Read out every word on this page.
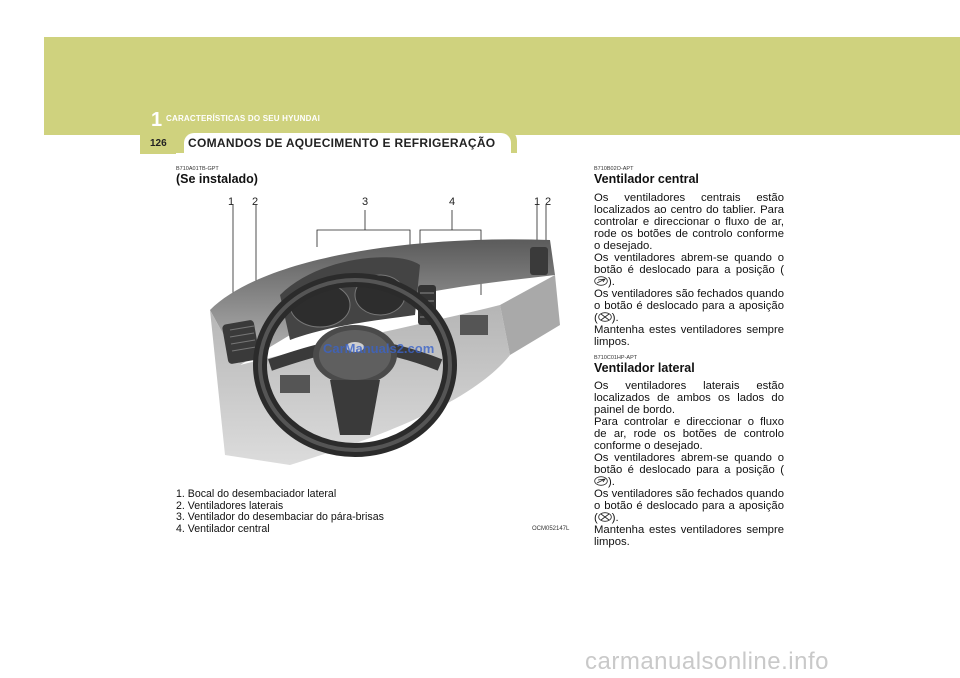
1 CARACTERÍSTICAS DO SEU HYUNDAI
126 COMANDOS DE AQUECIMENTO E REFRIGERAÇÃO
B710A01TB-GPT
(Se instalado)
1 2	3	4	1 2
CarManuals2.com
1. Bocal do desembaciador lateral
2. Ventiladores laterais
3. Ventilador do desembaciar do pára-brisas
4. Ventilador central	OCM052147L
B710B02O-APT
Ventilador central

Os ventiladores centrais estão localizados ao centro do tablier. Para controlar e direccionar o fluxo de ar, rode os botões de controlo conforme o desejado.

Os ventiladores abrem-se quando o botão é deslocado para a posição ().

Os ventiladores são fechados quando o botão é deslocado para a aposição ( ).

Mantenha estes ventiladores sempre limpos.

B710C01HP-APT
Ventilador lateral

Os ventiladores laterais estão localizados de ambos os lados do painel de bordo.

Para controlar e direccionar o fluxo de ar, rode os botões de controlo conforme o desejado.

Os ventiladores abrem-se quando o botão é deslocado para a posição ().

Os ventiladores são fechados quando o botão é deslocado para a aposição ( ).

Mantenha estes ventiladores sempre limpos.

carmanualsonline.info
